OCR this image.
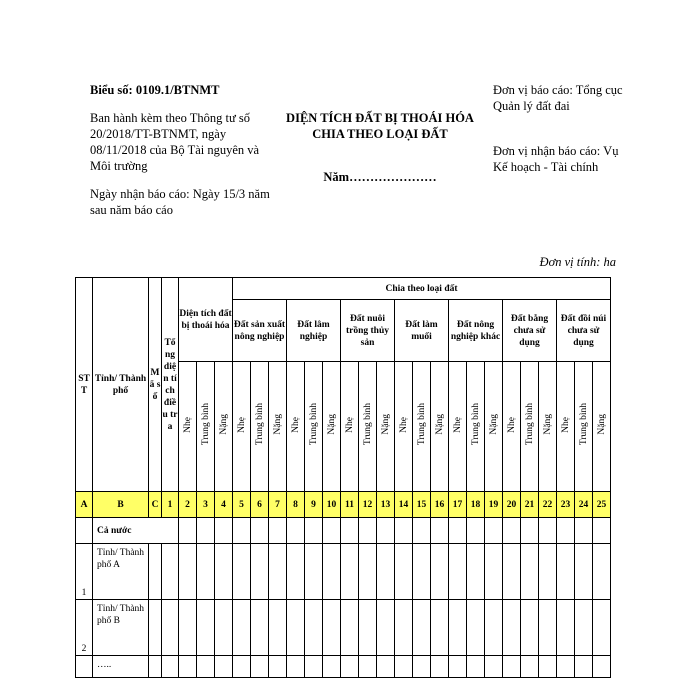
Biểu số: 0109.1/BTNMT
Ban hành kèm theo Thông tư số 20/2018/TT-BTNMT, ngày 08/11/2018 của Bộ Tài nguyên và Môi trường
Ngày nhận báo cáo: Ngày 15/3 năm sau năm báo cáo
DIỆN TÍCH ĐẤT BỊ THOÁI HÓA CHIA THEO LOẠI ĐẤT
Năm…………………
Đơn vị báo cáo: Tổng cục Quản lý đất đai
Đơn vị nhận báo cáo: Vụ Kế hoạch - Tài chính
Đơn vị tính: ha
STT	Tỉnh/ Thành phố	Mã số	Tổng diện tích điều tra	Diện tích đất bị thoái hóa			Chia theo loại đất																				
							Đất sản xuất nông nghiệp			Đất lâm nghiệp			Đất nuôi trồng thủy sản			Đất làm muối			Đất nông nghiệp khác			Đất bằng chưa sử dụng			Đất đồi núi chưa sử dụng		
				Nhẹ	Trung bình	Nặng	Nhẹ	Trung bình	Nặng	Nhẹ	Trung bình	Nặng	Nhẹ	Trung bình	Nặng	Nhẹ	Trung bình	Nặng	Nhẹ	Trung bình	Nặng	Nhẹ	Trung bình	Nặng	Nhẹ	Trung bình	Nặng
A	B	C	1	2	3	4	5	6	7	8	9	10	11	12	13	14	15	16	17	18	19	20	21	22	23	24	25
	Cả nước																										
1	Tỉnh/ Thành phố A																										
2	Tỉnh/ Thành phố B																										
	…..																										
